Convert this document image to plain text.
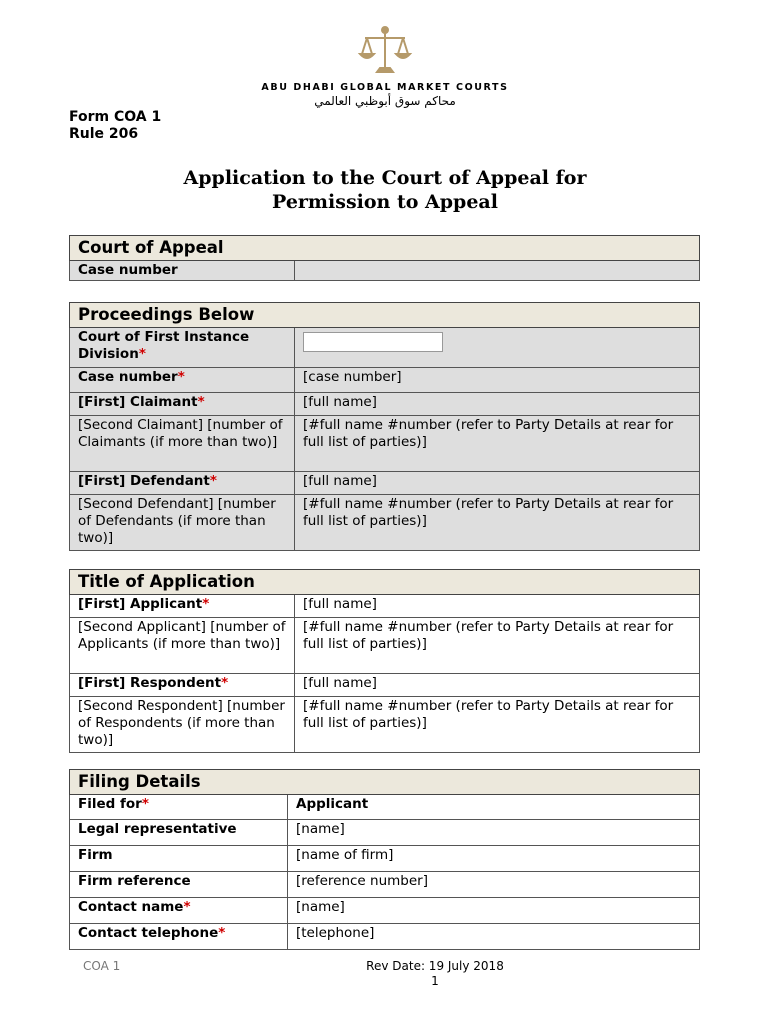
ABU DHABI GLOBAL MARKET COURTS
محاكم سوق أبوظبي العالمي
Form COA 1
Rule 206
Application to the Court of Appeal for
Permission to Appeal
Court of Appeal
Case number	
Proceedings Below	
Court of First Instance Division*	
Case number*	[case number]
[First] Claimant*	[full name]
[Second Claimant] [number of Claimants (if more than two)]	[#full name #number (refer to Party Details at rear for full list of parties)]
[First] Defendant*	[full name]
[Second Defendant] [number of Defendants (if more than two)]	[#full name #number (refer to Party Details at rear for full list of parties)]
Title of Application	
[First] Applicant*	[full name]
[Second Applicant] [number of Applicants (if more than two)]	[#full name #number (refer to Party Details at rear for full list of parties)]
[First] Respondent*	[full name]
[Second Respondent] [number of Respondents (if more than two)]	[#full name #number (refer to Party Details at rear for full list of parties)]
Filing Details	
Filed for*	Applicant
Legal representative	[name]
Firm	[name of firm]
Firm reference	[reference number]
Contact name*	[name]
Contact telephone*	[telephone]
COA 1	Rev Date: 19 July 2018
1
